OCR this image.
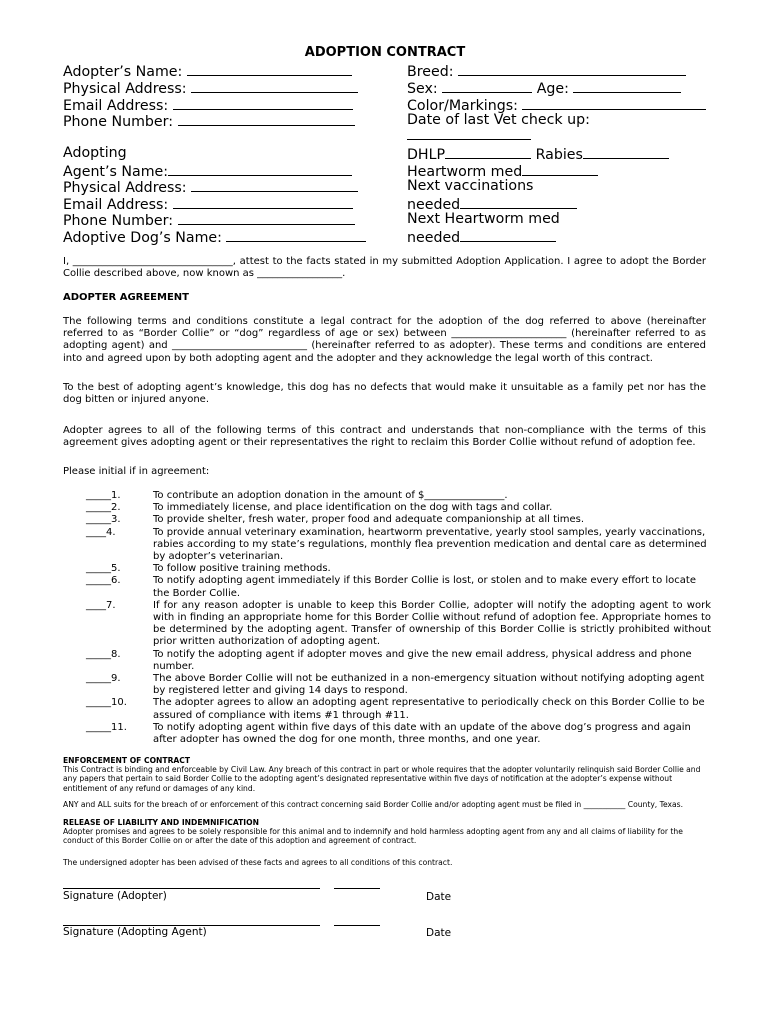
ADOPTION CONTRACT
Adopter’s Name:
Physical Address:
Email Address:
Phone Number:
Breed:
Sex:	Age:
Color/Markings:
Date of last Vet check up:
Adopting
Agent’s Name:
Physical Address:
Email Address:
Phone Number:
Adoptive Dog’s Name:
DHLP	Rabies
Heartworm med
Next vaccinations
needed
Next Heartworm med
needed
I, ________________________________, attest to the facts stated in my submitted Adoption Application. I agree to adopt the Border Collie described above, now known as _________________.
ADOPTER AGREEMENT
The following terms and conditions constitute a legal contract for the adoption of the dog referred to above (hereinafter referred to as “Border Collie” or “dog” regardless of age or sex) between _______________________ (hereinafter referred to as adopting agent) and ___________________________ (hereinafter referred to as adopter). These terms and conditions are entered into and agreed upon by both adopting agent and the adopter and they acknowledge the legal worth of this contract.
To the best of adopting agent’s knowledge, this dog has no defects that would make it unsuitable as a family pet nor has the dog bitten or injured anyone.
Adopter agrees to all of the following terms of this contract and understands that non-compliance with the terms of this agreement gives adopting agent or their representatives the right to reclaim this Border Collie without refund of adoption fee.
Please initial if in agreement:
_____1.	To contribute an adoption donation in the amount of $________________.
_____2.	To immediately license, and place identification on the dog with tags and collar.
_____3.	To provide shelter, fresh water, proper food and adequate companionship at all times.
____4.	To provide annual veterinary examination, heartworm preventative, yearly stool samples, yearly vaccinations, rabies according to my state’s regulations, monthly flea prevention medication and dental care as determined by adopter’s veterinarian.
_____5.	To follow positive training methods.
_____6.	To notify adopting agent immediately if this Border Collie is lost, or stolen and to make every effort to locate the Border Collie.
____7.	If for any reason adopter is unable to keep this Border Collie, adopter will notify the adopting agent to work with in finding an appropriate home for this Border Collie without refund of adoption fee. Appropriate homes to be determined by the adopting agent. Transfer of ownership of this Border Collie is strictly prohibited without prior written authorization of adopting agent.
_____8.	To notify the adopting agent if adopter moves and give the new email address, physical address and phone number.
_____9.	The above Border Collie will not be euthanized in a non-emergency situation without notifying adopting agent by registered letter and giving 14 days to respond.
_____10.	The adopter agrees to allow an adopting agent representative to periodically check on this Border Collie to be assured of compliance with items #1 through #11.
_____11.	To notify adopting agent within five days of this date with an update of the above dog’s progress and again after adopter has owned the dog for one month, three months, and one year.
ENFORCEMENT OF CONTRACT
This Contract is binding and enforceable by Civil Law. Any breach of this contract in part or whole requires that the adopter voluntarily relinquish said Border Collie and any papers that pertain to said Border Collie to the adopting agent’s designated representative within five days of notification at the adopter’s expense without entitlement of any refund or damages of any kind.
ANY and ALL suits for the breach of or enforcement of this contract concerning said Border Collie and/or adopting agent must be filed in ___________ County, Texas.
RELEASE OF LIABILITY AND INDEMNIFICATION
Adopter promises and agrees to be solely responsible for this animal and to indemnify and hold harmless adopting agent from any and all claims of liability for the conduct of this Border Collie on or after the date of this adoption and agreement of contract.
The undersigned adopter has been advised of these facts and agrees to all conditions of this contract.
Signature (Adopter)	Date
Signature (Adopting Agent)	Date
